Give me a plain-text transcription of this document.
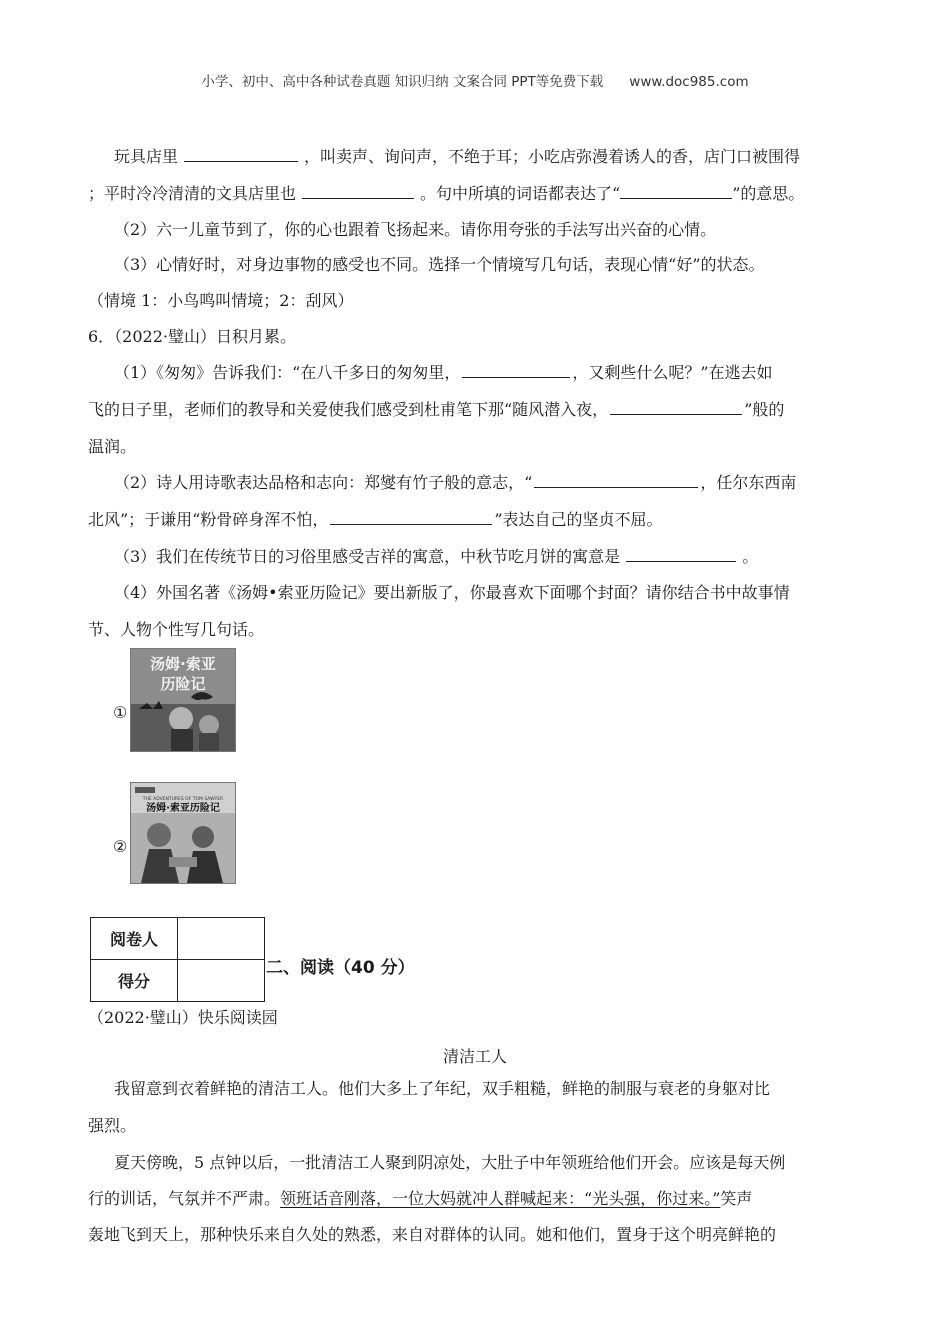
小学、初中、高中各种试卷真题 知识归纳 文案合同 PPT等免费下载 www.doc985.com
玩具店里	，叫卖声、询问声，不绝于耳；小吃店弥漫着诱人的香，店门口被围得
；平时冷冷清清的文具店里也	。句中所填的词语都表达了“	”的意思。
（2）六一儿童节到了，你的心也跟着飞扬起来。请你用夸张的手法写出兴奋的心情。
（3）心情好时，对身边事物的感受也不同。选择一个情境写几句话，表现心情“好”的状态。
（情境 1：小鸟鸣叫情境；2：刮风）
6．（2022·璧山）日积月累。
（1）《匆匆》告诉我们：“在八千多日的匆匆里，	，又剩些什么呢？”在逃去如
飞的日子里，老师们的教导和关爱使我们感受到杜甫笔下那“随风潜入夜，	”般的
温润。
（2）诗人用诗歌表达品格和志向：郑燮有竹子般的意志，“	，任尔东西南
北风”；于谦用“粉骨碎身浑不怕，	”表达自己的坚贞不屈。
（3）我们在传统节日的习俗里感受吉祥的寓意，中秋节吃月饼的寓意是	。
（4）外国名著《汤姆•索亚历险记》要出新版了，你最喜欢下面哪个封面？请你结合书中故事情
节、人物个性写几句话。
①
汤姆·索亚
历险记
②
THE ADVENTURES OF TOM SAWYER
汤姆·索亚历险记
阅卷人	
得分	
二、阅读（40 分）
（2022·璧山）快乐阅读园
清洁工人
我留意到衣着鲜艳的清洁工人。他们大多上了年纪，双手粗糙，鲜艳的制服与衰老的身躯对比
强烈。
夏天傍晚，5 点钟以后，一批清洁工人聚到阴凉处，大肚子中年领班给他们开会。应该是每天例
行的训话，气氛并不严肃。领班话音刚落，一位大妈就冲人群喊起来：“光头强，你过来。”笑声
轰地飞到天上，那种快乐来自久处的熟悉，来自对群体的认同。她和他们，置身于这个明亮鲜艳的
